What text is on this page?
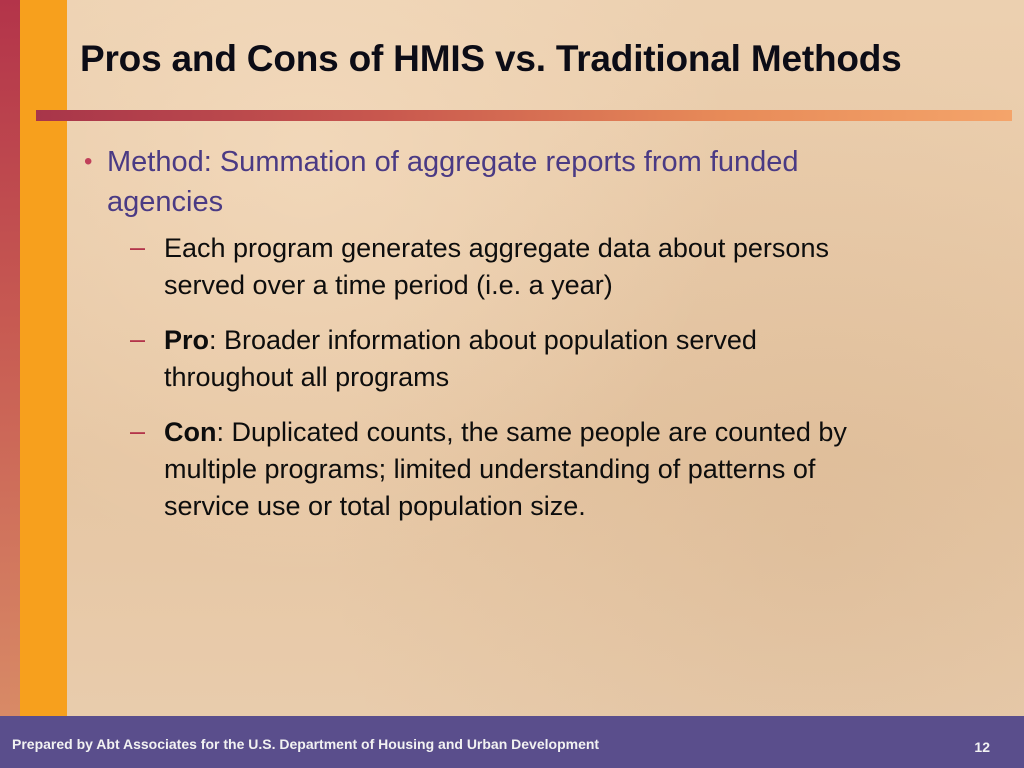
Pros and Cons of HMIS vs. Traditional Methods
• Method: Summation of aggregate reports from funded
agencies
– Each program generates aggregate data about persons
served over a time period (i.e. a year)
– Pro: Broader information about population served
throughout all programs
– Con: Duplicated counts, the same people are counted by
multiple programs; limited understanding of patterns of
service use or total population size.
Prepared by Abt Associates for the U.S. Department of Housing and Urban Development	12
